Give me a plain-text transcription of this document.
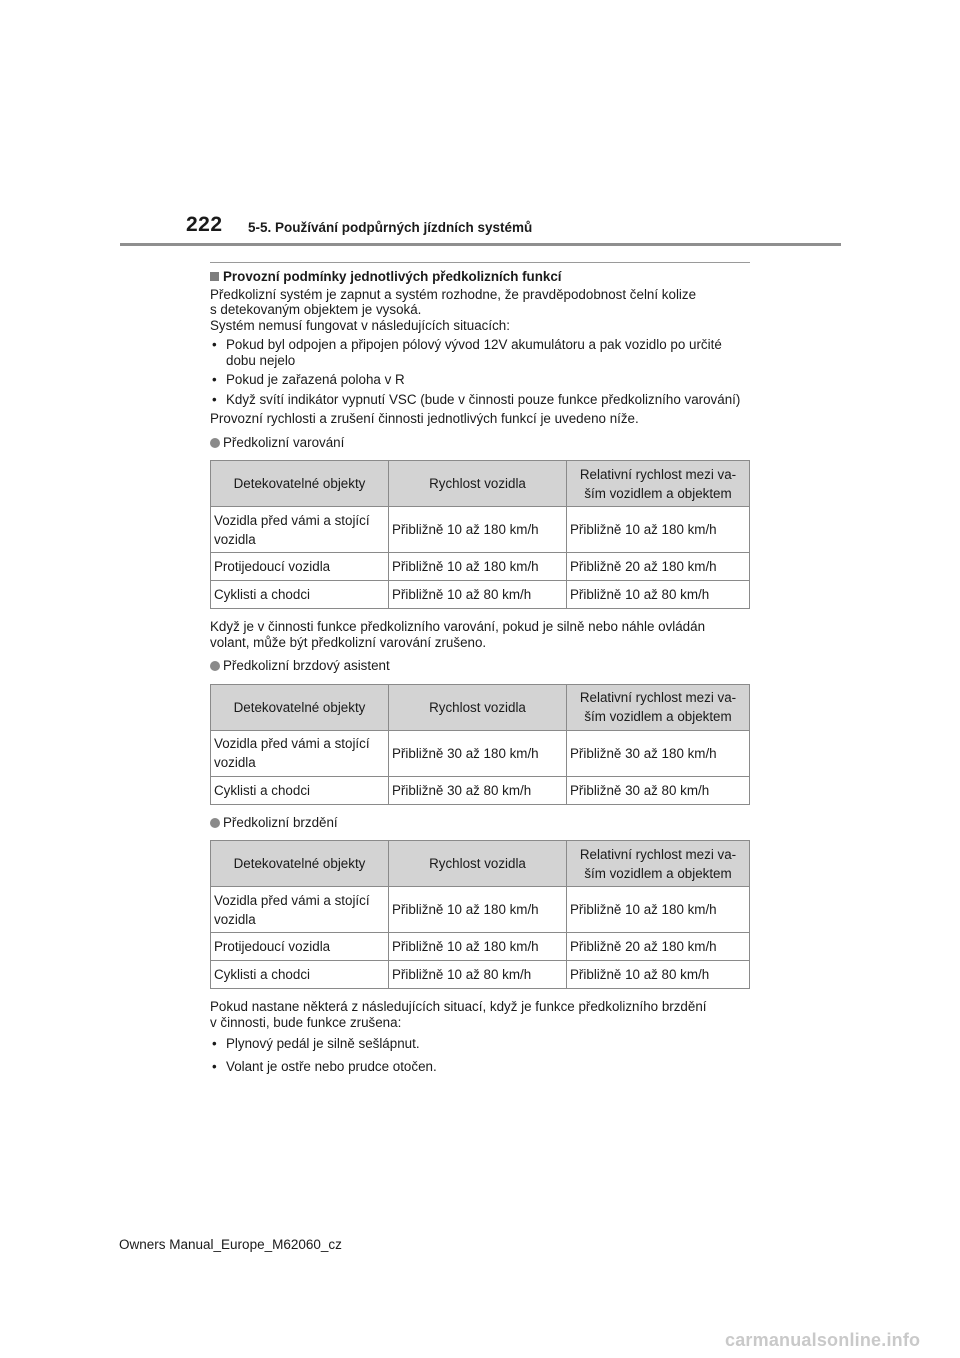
222 5-5. Používání podpůrných jízdních systémů
Provozní podmínky jednotlivých předkolizních funkcí

Předkolizní systém je zapnut a systém rozhodne, že pravděpodobnost čelní kolize
s detekovaným objektem je vysoká.

Systém nemusí fungovat v následujících situacích:

• Pokud byl odpojen a připojen pólový vývod 12V akumulátoru a pak vozidlo po určité dobu nejelo
• Pokud je zařazená poloha v R
• Když svítí indikátor vypnutí VSC (bude v činnosti pouze funkce předkolizního varování)

Provozní rychlosti a zrušení činnosti jednotlivých funkcí je uvedeno níže.

Předkolizní varování
Detekovatelné objekty	Rychlost vozidla	Relativní rychlost mezi va-
ším vozidlem a objektem
Vozidla před vámi a stojící vozidla	Přibližně 10 až 180 km/h	Přibližně 10 až 180 km/h
Protijedoucí vozidla	Přibližně 10 až 180 km/h	Přibližně 20 až 180 km/h
Cyklisti a chodci	Přibližně 10 až 80 km/h	Přibližně 10 až 80 km/h

Když je v činnosti funkce předkolizního varování, pokud je silně nebo náhle ovládán
volant, může být předkolizní varování zrušeno.

Předkolizní brzdový asistent
Detekovatelné objekty	Rychlost vozidla	Relativní rychlost mezi va-
ším vozidlem a objektem
Vozidla před vámi a stojící vozidla	Přibližně 30 až 180 km/h	Přibližně 30 až 180 km/h
Cyklisti a chodci	Přibližně 30 až 80 km/h	Přibližně 30 až 80 km/h
Předkolizní brzdění
Detekovatelné objekty	Rychlost vozidla	Relativní rychlost mezi va-
ším vozidlem a objektem
Vozidla před vámi a stojící vozidla	Přibližně 10 až 180 km/h	Přibližně 10 až 180 km/h
Protijedoucí vozidla	Přibližně 10 až 180 km/h	Přibližně 20 až 180 km/h
Cyklisti a chodci	Přibližně 10 až 80 km/h	Přibližně 10 až 80 km/h

Pokud nastane některá z následujících situací, když je funkce předkolizního brzdění
v činnosti, bude funkce zrušena:

• Plynový pedál je silně sešlápnut.
• Volant je ostře nebo prudce otočen.
Owners Manual_Europe_M62060_cz
carmanualsonline.info
